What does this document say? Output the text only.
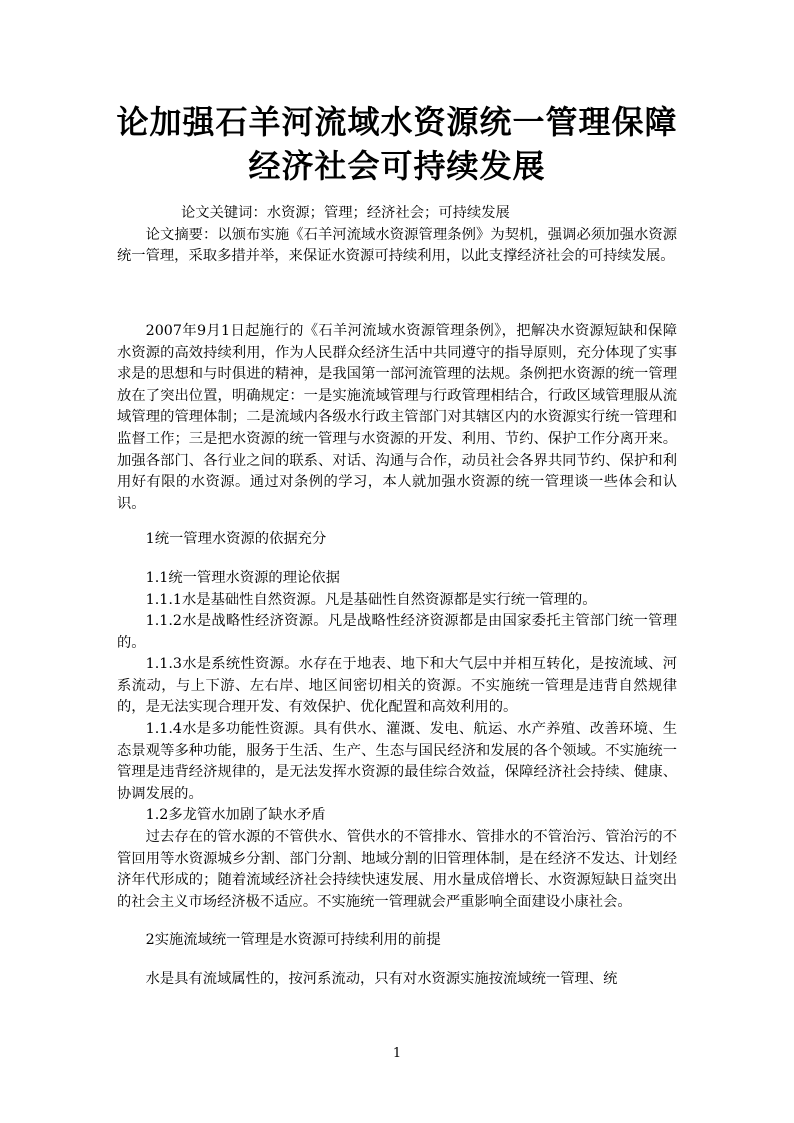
论加强石羊河流域水资源统一管理保障
经济社会可持续发展

论文关键词：水资源；管理；经济社会；可持续发展

论文摘要：以颁布实施《石羊河流域水资源管理条例》为契机，强调必须加强水资源统一管理，采取多措并举，来保证水资源可持续利用，以此支撑经济社会的可持续发展。

2007年9月1日起施行的《石羊河流域水资源管理条例》，把解决水资源短缺和保障水资源的高效持续利用，作为人民群众经济生活中共同遵守的指导原则，充分体现了实事求是的思想和与时俱进的精神，是我国第一部河流管理的法规。条例把水资源的统一管理放在了突出位置，明确规定：一是实施流域管理与行政管理相结合，行政区域管理服从流域管理的管理体制；二是流域内各级水行政主管部门对其辖区内的水资源实行统一管理和监督工作；三是把水资源的统一管理与水资源的开发、利用、节约、保护工作分离开来。加强各部门、各行业之间的联系、对话、沟通与合作，动员社会各界共同节约、保护和利用好有限的水资源。通过对条例的学习，本人就加强水资源的统一管理谈一些体会和认识。

1统一管理水资源的依据充分

1.1统一管理水资源的理论依据

1.1.1水是基础性自然资源。凡是基础性自然资源都是实行统一管理的。

1.1.2水是战略性经济资源。凡是战略性经济资源都是由国家委托主管部门统一管理的。

1.1.3水是系统性资源。水存在于地表、地下和大气层中并相互转化，是按流域、河系流动，与上下游、左右岸、地区间密切相关的资源。不实施统一管理是违背自然规律的，是无法实现合理开发、有效保护、优化配置和高效利用的。

1.1.4水是多功能性资源。具有供水、灌溉、发电、航运、水产养殖、改善环境、生态景观等多种功能，服务于生活、生产、生态与国民经济和发展的各个领域。不实施统一管理是违背经济规律的，是无法发挥水资源的最佳综合效益，保障经济社会持续、健康、协调发展的。

1.2多龙管水加剧了缺水矛盾

过去存在的管水源的不管供水、管供水的不管排水、管排水的不管治污、管治污的不管回用等水资源城乡分割、部门分割、地域分割的旧管理体制，是在经济不发达、计划经济年代形成的；随着流域经济社会持续快速发展、用水量成倍增长、水资源短缺日益突出的社会主义市场经济极不适应。不实施统一管理就会严重影响全面建设小康社会。

2实施流域统一管理是水资源可持续利用的前提

水是具有流域属性的，按河系流动，只有对水资源实施按流域统一管理、统

1
